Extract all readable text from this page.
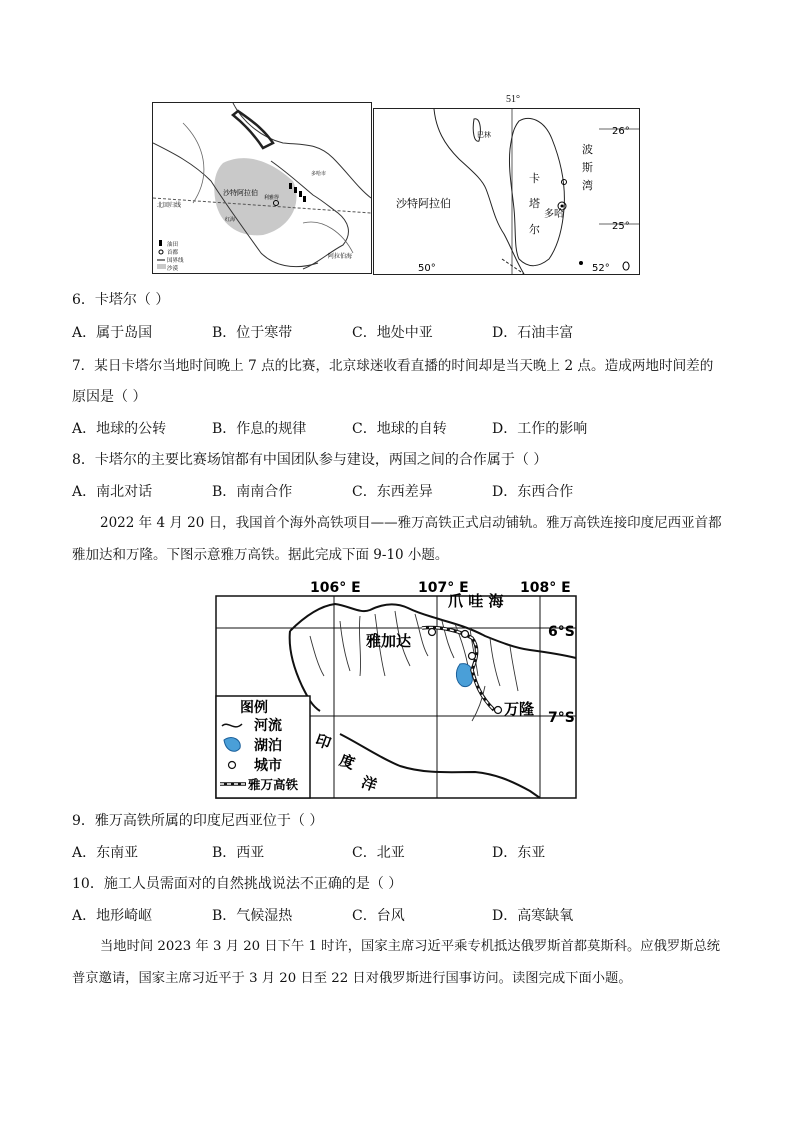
沙特阿拉伯
利雅得
北回归线
阿拉伯海
红海
多哈市
油田
首都
国界线
沙漠
51°
巴林
沙特阿拉伯
卡
塔
尔
多哈
波
斯
湾
26°
25°
50°	52°
6．卡塔尔（ ）
A．属于岛国	B．位于寒带	C．地处中亚	D．石油丰富
7．某日卡塔尔当地时间晚上 7 点的比赛，北京球迷收看直播的时间却是当天晚上 2 点。造成两地时间差的
原因是（ ）
A．地球的公转	B．作息的规律	C．地球的自转	D．工作的影响
8．卡塔尔的主要比赛场馆都有中国团队参与建设，两国之间的合作属于（ ）
A．南北对话	B．南南合作	C．东西差异	D．东西合作
2022 年 4 月 20 日，我国首个海外高铁项目——雅万高铁正式启动铺轨。雅万高铁连接印度尼西亚首都雅加达和万隆。下图示意雅万高铁。据此完成下面 9-10 小题。
106° E	107° E	108° E
6°S
7°S
爪 哇 海
雅加达
万隆
印
度
洋
图例
河流
湖泊
城市
雅万高铁
9．雅万高铁所属的印度尼西亚位于（ ）
A．东南亚	B．西亚	C．北亚	D．东亚
10．施工人员需面对的自然挑战说法不正确的是（ ）
A．地形崎岖	B．气候湿热	C．台风	D．高寒缺氧
当地时间 2023 年 3 月 20 日下午 1 时许，国家主席习近平乘专机抵达俄罗斯首都莫斯科。应俄罗斯总统普京邀请，国家主席习近平于 3 月 20 日至 22 日对俄罗斯进行国事访问。读图完成下面小题。
